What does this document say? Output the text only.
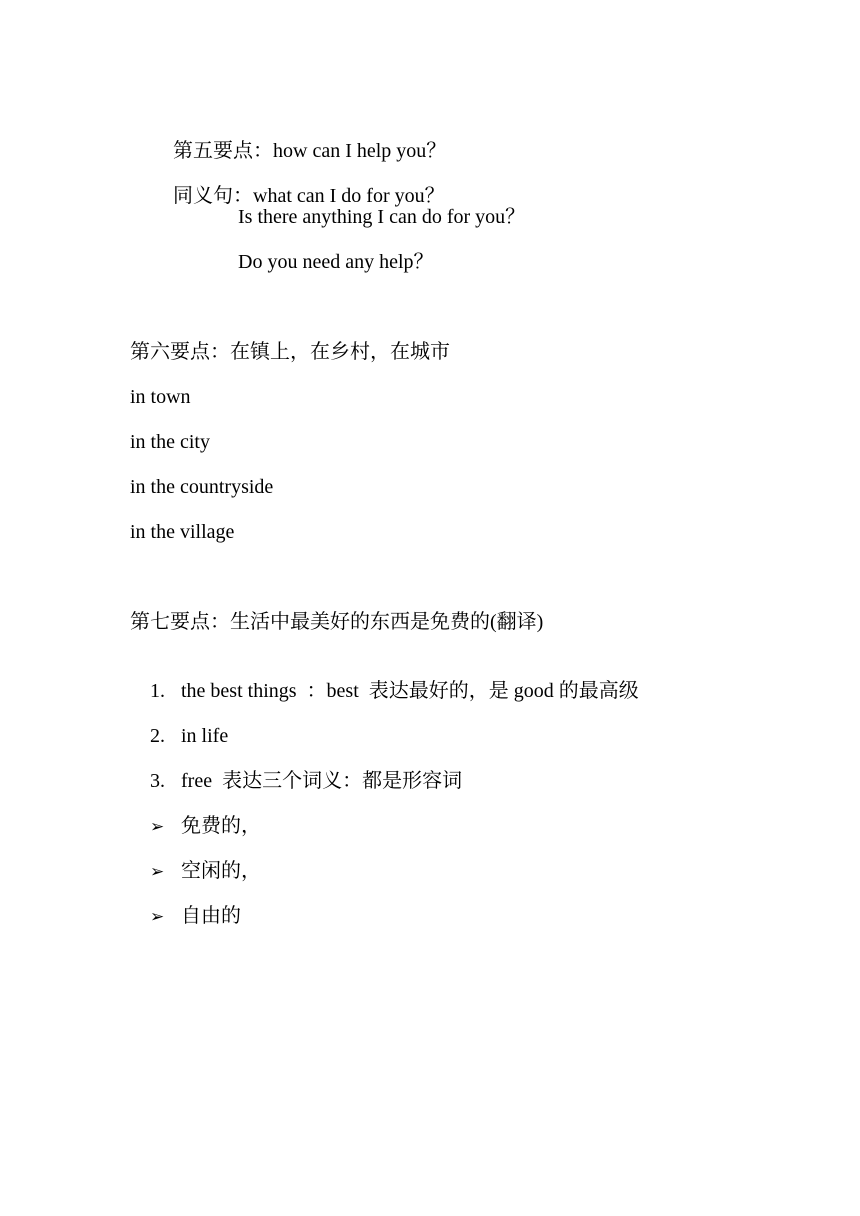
第五要点：how can I help you？

同义句：what can I do for you？

Is there anything I can do for you？
Do you need any help？
第六要点：在镇上，在乡村，在城市
in town
in the city
in the countryside
in the village
第七要点：生活中最美好的东西是免费的(翻译)

1. the best things  ：best  表达最好的，是 good 的最高级

2. in life

3. free  表达三个词义：都是形容词

➢ 免费的，

➢ 空闲的，

➢ 自由的
